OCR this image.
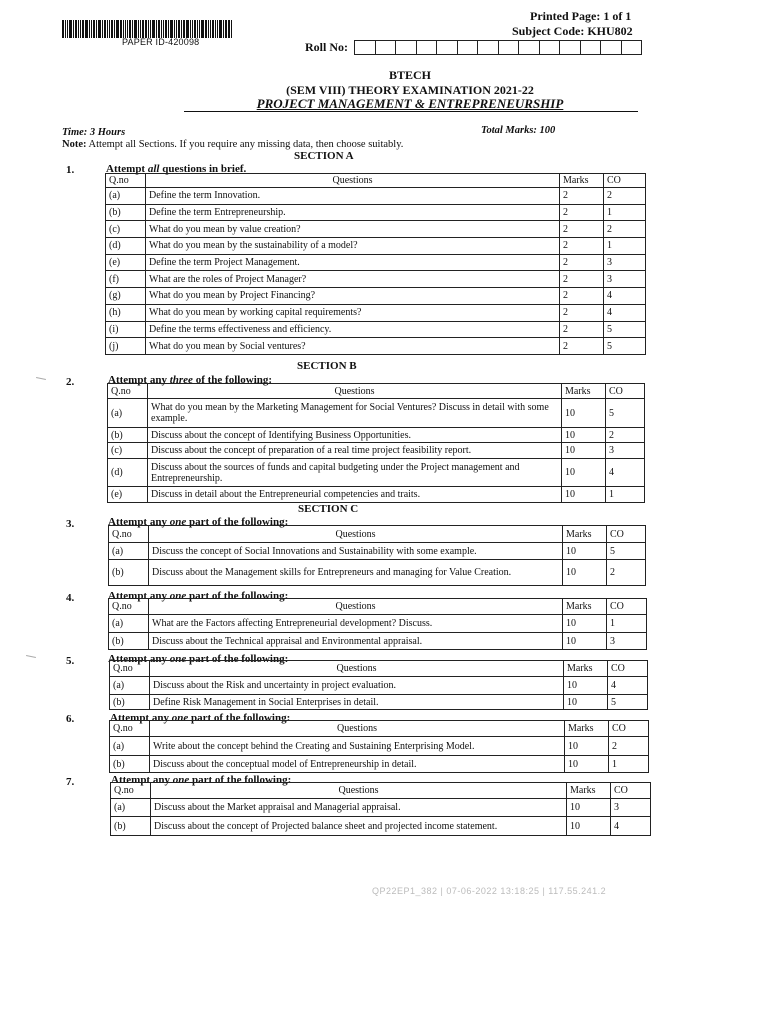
PAPER ID-420098
Printed Page: 1 of 1
Subject Code: KHU802
Roll No:
BTECH
(SEM VIII) THEORY EXAMINATION 2021-22
PROJECT MANAGEMENT & ENTREPRENEURSHIP
Time: 3 Hours	Total Marks: 100
Note: Attempt all Sections. If you require any missing data, then choose suitably.
SECTION A
1.	Attempt all questions in brief.
Q.no	Questions	Marks	CO
(a)	Define the term Innovation.	2	2
(b)	Define the term Entrepreneurship.	2	1
(c)	What do you mean by value creation?	2	2
(d)	What do you mean by the sustainability of a model?	2	1
(e)	Define the term Project Management.	2	3
(f)	What are the roles of Project Manager?	2	3
(g)	What do you mean by Project Financing?	2	4
(h)	What do you mean by working capital requirements?	2	4
(i)	Define the terms effectiveness and efficiency.	2	5
(j)	What do you mean by Social ventures?	2	5
SECTION B
2.	Attempt any three of the following:
Q.no	Questions	Marks	CO
(a)	What do you mean by the Marketing Management for Social Ventures? Discuss in detail with some example.	10	5
(b)	Discuss about the concept of Identifying Business Opportunities.	10	2
(c)	Discuss about the concept of preparation of a real time project feasibility report.	10	3
(d)	Discuss about the sources of funds and capital budgeting under the Project management and Entrepreneurship.	10	4
(e)	Discuss in detail about the Entrepreneurial competencies and traits.	10	1
SECTION C
3.	Attempt any one part of the following:
Q.no	Questions	Marks	CO
(a)	Discuss the concept of Social Innovations and Sustainability with some example.	10	5
(b)	Discuss about the Management skills for Entrepreneurs and managing for Value Creation.	10	2
4.	Attempt any one part of the following:
Q.no	Questions	Marks	CO
(a)	What are the Factors affecting Entrepreneurial development? Discuss.	10	1
(b)	Discuss about the Technical appraisal and Environmental appraisal.	10	3
5.	Attempt any one part of the following:
Q.no	Questions	Marks	CO
(a)	Discuss about the Risk and uncertainty in project evaluation.	10	4
(b)	Define Risk Management in Social Enterprises in detail.	10	5
6.	Attempt any one part of the following:
Q.no	Questions	Marks	CO
(a)	Write about the concept behind the Creating and Sustaining Enterprising Model.	10	2
(b)	Discuss about the conceptual model of Entrepreneurship in detail.	10	1
7.	Attempt any one part of the following:
Q.no	Questions	Marks	CO
(a)	Discuss about the Market appraisal and Managerial appraisal.	10	3
(b)	Discuss about the concept of Projected balance sheet and projected income statement.	10	4
QP22EP1_382 | 07-06-2022 13:18:25 | 117.55.241.2
